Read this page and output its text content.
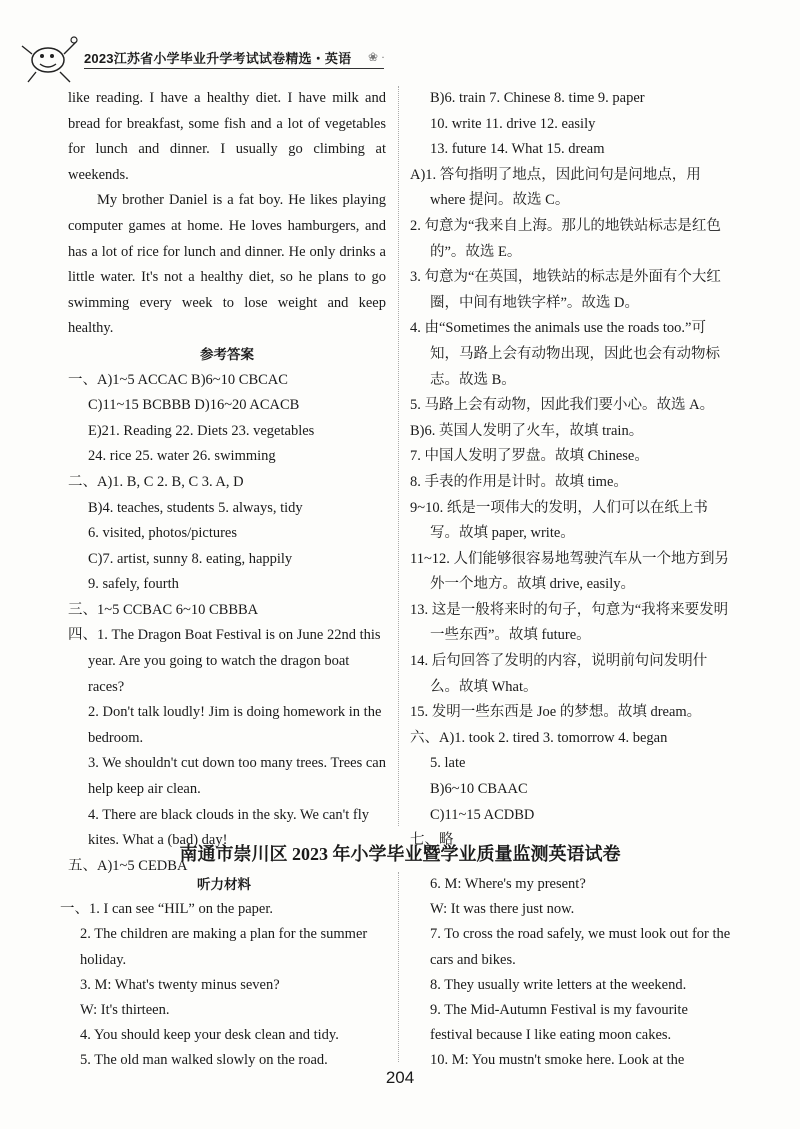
2023江苏省小学毕业升学考试试卷精选・英语 ❀ ·

like reading. I have a healthy diet. I have milk and bread for breakfast, some fish and a lot of vegetables for lunch and dinner. I usually go climbing at weekends.

My brother Daniel is a fat boy. He likes playing computer games at home. He loves hamburgers, and has a lot of rice for lunch and dinner. He only drinks a little water. It's not a healthy diet, so he plans to go swimming every week to lose weight and keep healthy.

参考答案

一、A)1~5 ACCAC B)6~10 CBCAC

C)11~15 BCBBB D)16~20 ACACB

E)21. Reading 22. Diets 23. vegetables

24. rice 25. water 26. swimming

二、A)1. B, C 2. B, C 3. A, D

B)4. teaches, students 5. always, tidy

6. visited, photos/pictures

C)7. artist, sunny 8. eating, happily

9. safely, fourth

三、1~5 CCBAC 6~10 CBBBA

四、1. The Dragon Boat Festival is on June 22nd this year. Are you going to watch the dragon boat races?

2. Don't talk loudly! Jim is doing homework in the bedroom.

3. We shouldn't cut down too many trees. Trees can help keep air clean.

4. There are black clouds in the sky. We can't fly kites. What a (bad) day!

五、A)1~5 CEDBA

B)6. train 7. Chinese 8. time 9. paper

10. write 11. drive 12. easily

13. future 14. What 15. dream

A)1. 答句指明了地点，因此问句是问地点，用 where 提问。故选 C。

2. 句意为“我来自上海。那儿的地铁站标志是红色的”。故选 E。

3. 句意为“在英国，地铁站的标志是外面有个大红圈，中间有地铁字样”。故选 D。

4. 由“Sometimes the animals use the roads too.”可知，马路上会有动物出现，因此也会有动物标志。故选 B。

5. 马路上会有动物，因此我们要小心。故选 A。

B)6. 英国人发明了火车，故填 train。

7. 中国人发明了罗盘。故填 Chinese。

8. 手表的作用是计时。故填 time。

9~10. 纸是一项伟大的发明，人们可以在纸上书写。故填 paper, write。

11~12. 人们能够很容易地驾驶汽车从一个地方到另外一个地方。故填 drive, easily。

13. 这是一般将来时的句子，句意为“我将来要发明一些东西”。故填 future。

14. 后句回答了发明的内容，说明前句问发明什么。故填 What。

15. 发明一些东西是 Joe 的梦想。故填 dream。

六、A)1. took 2. tired 3. tomorrow 4. began

5. late

B)6~10 CBAAC

C)11~15 ACDBD

七、略

南通市崇川区 2023 年小学毕业暨学业质量监测英语试卷

听力材料

一、1. I can see “HIL” on the paper.

2. The children are making a plan for the summer holiday.

3. M: What's twenty minus seven?

W: It's thirteen.

4. You should keep your desk clean and tidy.

5. The old man walked slowly on the road.

6. M: Where's my present?

W: It was there just now.

7. To cross the road safely, we must look out for the cars and bikes.

8. They usually write letters at the weekend.

9. The Mid-Autumn Festival is my favourite festival because I like eating moon cakes.

10. M: You mustn't smoke here. Look at the

204
